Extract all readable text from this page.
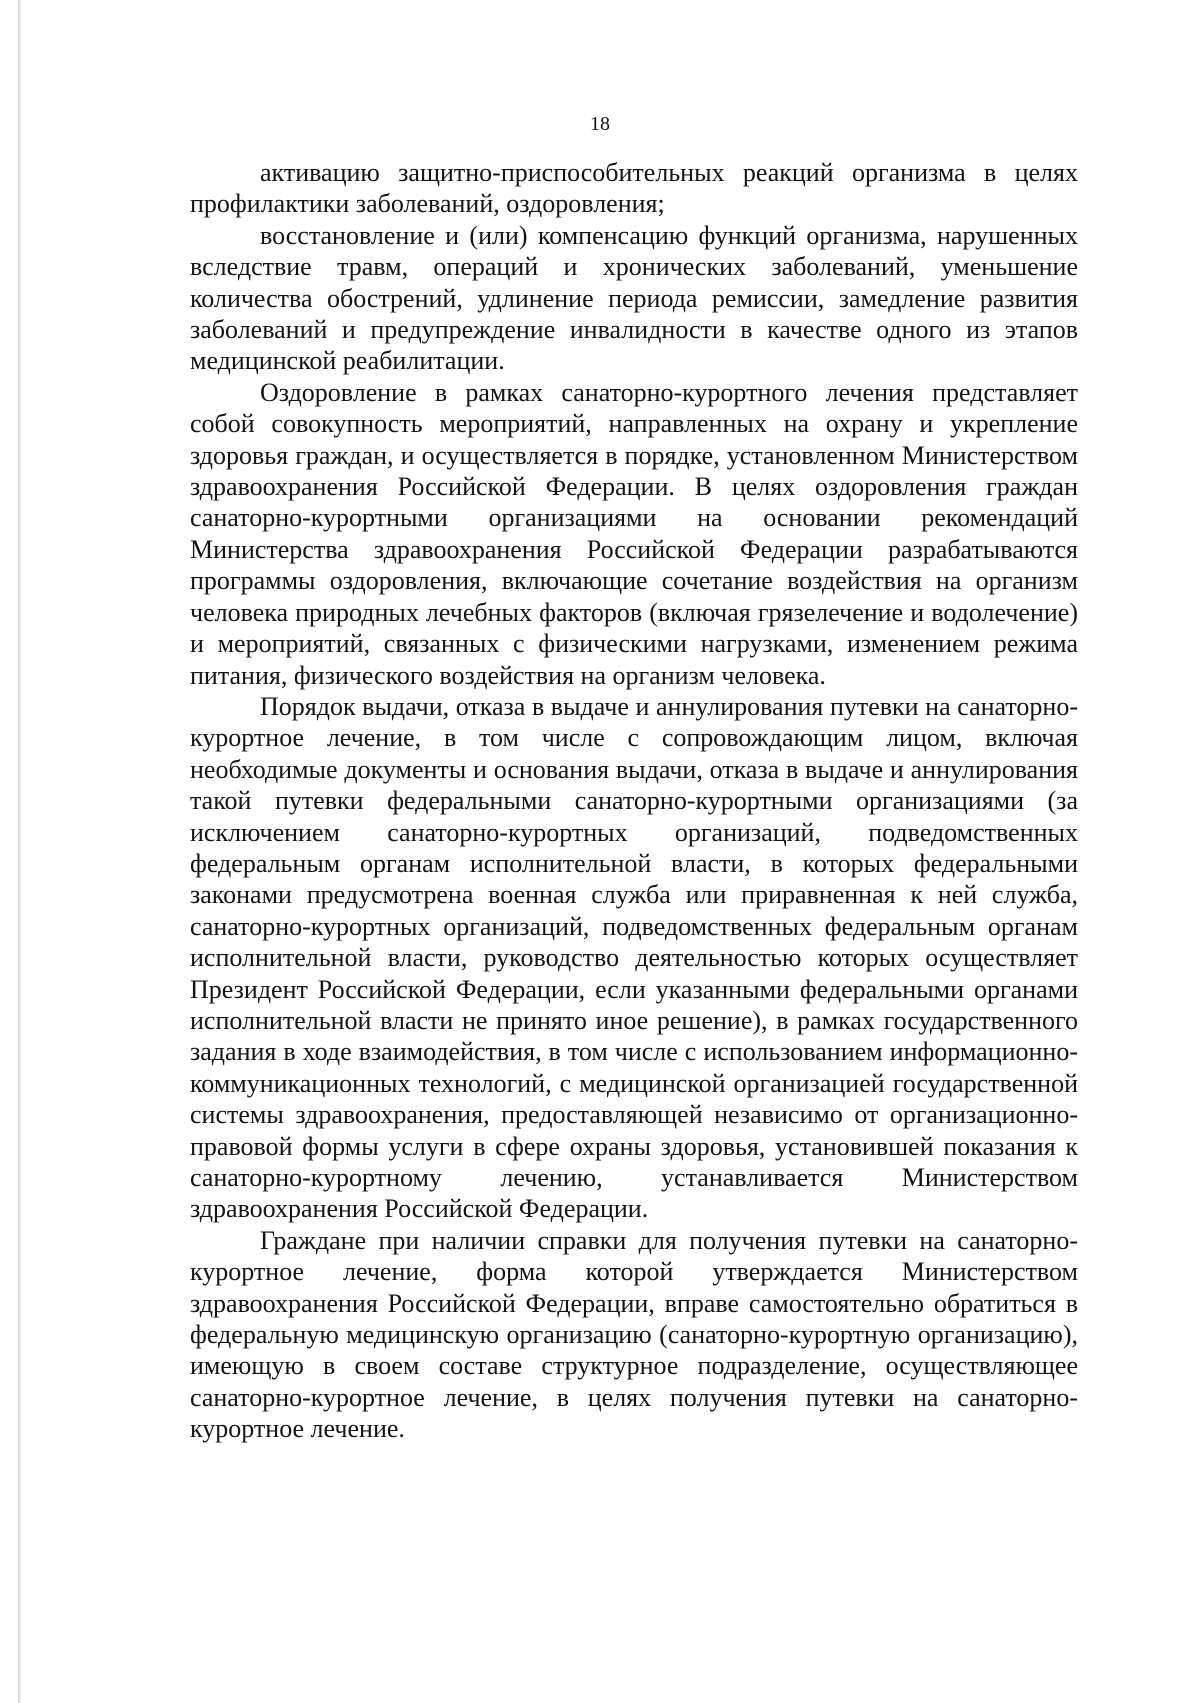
18

активацию защитно-приспособительных реакций организма в целях профилактики заболеваний, оздоровления;

восстановление и (или) компенсацию функций организма, нарушенных вследствие травм, операций и хронических заболеваний, уменьшение количества обострений, удлинение периода ремиссии, замедление развития заболеваний и предупреждение инвалидности в качестве одного из этапов медицинской реабилитации.

Оздоровление в рамках санаторно-курортного лечения представляет собой совокупность мероприятий, направленных на охрану и укрепление здоровья граждан, и осуществляется в порядке, установленном Министерством здравоохранения Российской Федерации. В целях оздоровления граждан санаторно-курортными организациями на основании рекомендаций Министерства здравоохранения Российской Федерации разрабатываются программы оздоровления, включающие сочетание воздействия на организм человека природных лечебных факторов (включая грязелечение и водолечение) и мероприятий, связанных с физическими нагрузками, изменением режима питания, физического воздействия на организм человека.

Порядок выдачи, отказа в выдаче и аннулирования путевки на санаторно-курортное лечение, в том числе с сопровождающим лицом, включая необходимые документы и основания выдачи, отказа в выдаче и аннулирования такой путевки федеральными санаторно-курортными организациями (за исключением санаторно-курортных организаций, подведомственных федеральным органам исполнительной власти, в которых федеральными законами предусмотрена военная служба или приравненная к ней служба, санаторно-курортных организаций, подведомственных федеральным органам исполнительной власти, руководство деятельностью которых осуществляет Президент Российской Федерации, если указанными федеральными органами исполнительной власти не принято иное решение), в рамках государственного задания в ходе взаимодействия, в том числе с использованием информационно-коммуникационных технологий, с медицинской организацией государственной системы здравоохранения, предоставляющей независимо от организационно-правовой формы услуги в сфере охраны здоровья, установившей показания к санаторно-курортному лечению, устанавливается Министерством здравоохранения Российской Федерации.

Граждане при наличии справки для получения путевки на санаторно-курортное лечение, форма которой утверждается Министерством здравоохранения Российской Федерации, вправе самостоятельно обратиться в федеральную медицинскую организацию (санаторно-курортную организацию), имеющую в своем составе структурное подразделение, осуществляющее санаторно-курортное лечение, в целях получения путевки на санаторно-курортное лечение.
